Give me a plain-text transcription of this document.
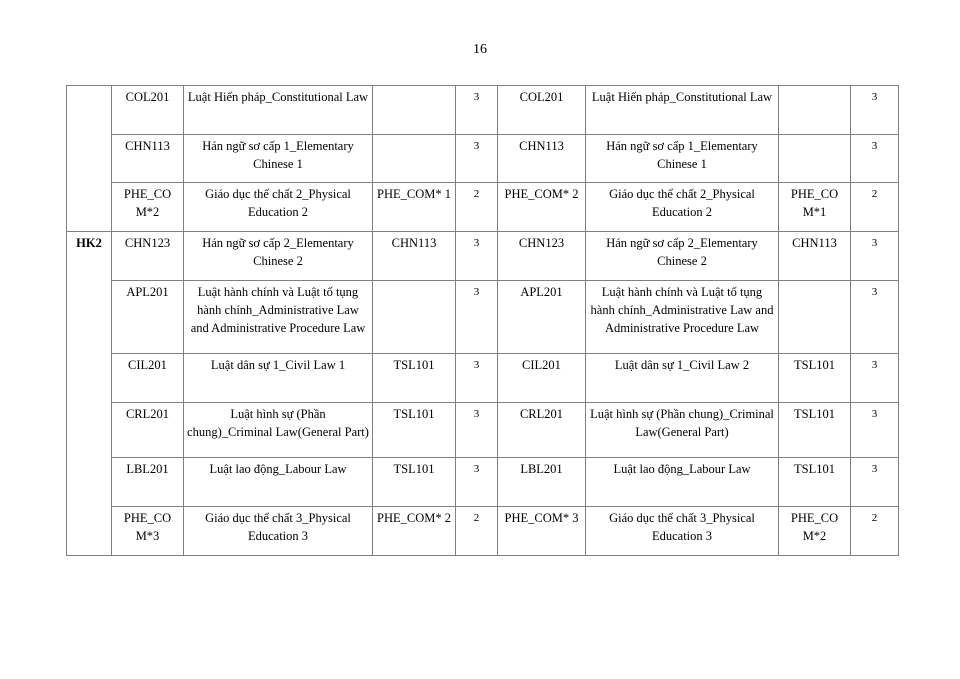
16
	COL201	Luật Hiến pháp_Constitutional Law		3	COL201	Luật Hiến pháp_Constitutional Law		3
	CHN113	Hán ngữ sơ cấp 1_Elementary Chinese 1		3	CHN113	Hán ngữ sơ cấp 1_Elementary Chinese 1		3
	PHE_CO M*2	Giáo dục thể chất 2_Physical Education 2	PHE_COM* 1	2	PHE_COM* 2	Giáo dục thể chất 2_Physical Education 2	PHE_CO M*1	2
HK2	CHN123	Hán ngữ sơ cấp 2_Elementary Chinese 2	CHN113	3	CHN123	Hán ngữ sơ cấp 2_Elementary Chinese 2	CHN113	3
	APL201	Luật hành chính và Luật tố tụng hành chính_Administrative Law and Administrative Procedure Law		3	APL201	Luật hành chính và Luật tố tụng hành chính_Administrative Law and Administrative Procedure Law		3
	CIL201	Luật dân sự 1_Civil Law 1	TSL101	3	CIL201	Luật dân sự 1_Civil Law 2	TSL101	3
	CRL201	Luật hình sự (Phần chung)_Criminal Law(General Part)	TSL101	3	CRL201	Luật hình sự (Phần chung)_Criminal Law(General Part)	TSL101	3
	LBL201	Luật lao động_Labour Law	TSL101	3	LBL201	Luật lao động_Labour Law	TSL101	3
	PHE_CO M*3	Giáo dục thể chất 3_Physical Education 3	PHE_COM* 2	2	PHE_COM* 3	Giáo dục thể chất 3_Physical Education 3	PHE_CO M*2	2
